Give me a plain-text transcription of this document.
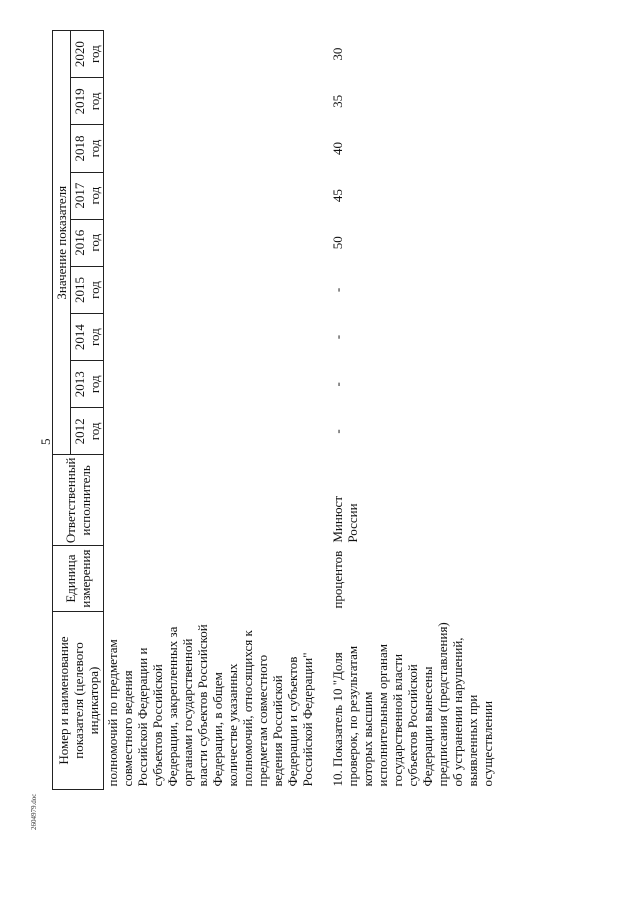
5
2604979.doc
Номер и наименование показателя (целевого индикатора)	Единица измерения	Ответственный исполнитель	Значение показателя								
			2012 год	2013 год	2014 год	2015 год	2016 год	2017 год	2018 год	2019 год	2020 год
полномочий по предметам совместного ведения Российской Федерации и субъектов Российской Федерации, закрепленных за органами государственной власти субъектов Российской Федерации, в общем количестве указанных полномочий, относящихся к предметам совместного ведения Российской Федерации и субъектов Российской Федерации"											
10. Показатель 10 "Доля проверок, по результатам которых высшим исполнительным органам государственной власти субъектов Российской Федерации вынесены предписания (представления) об устранении нарушений, выявленных при осуществлении	процентов	Минюст России	-	-	-	-	50	45	40	35	30
